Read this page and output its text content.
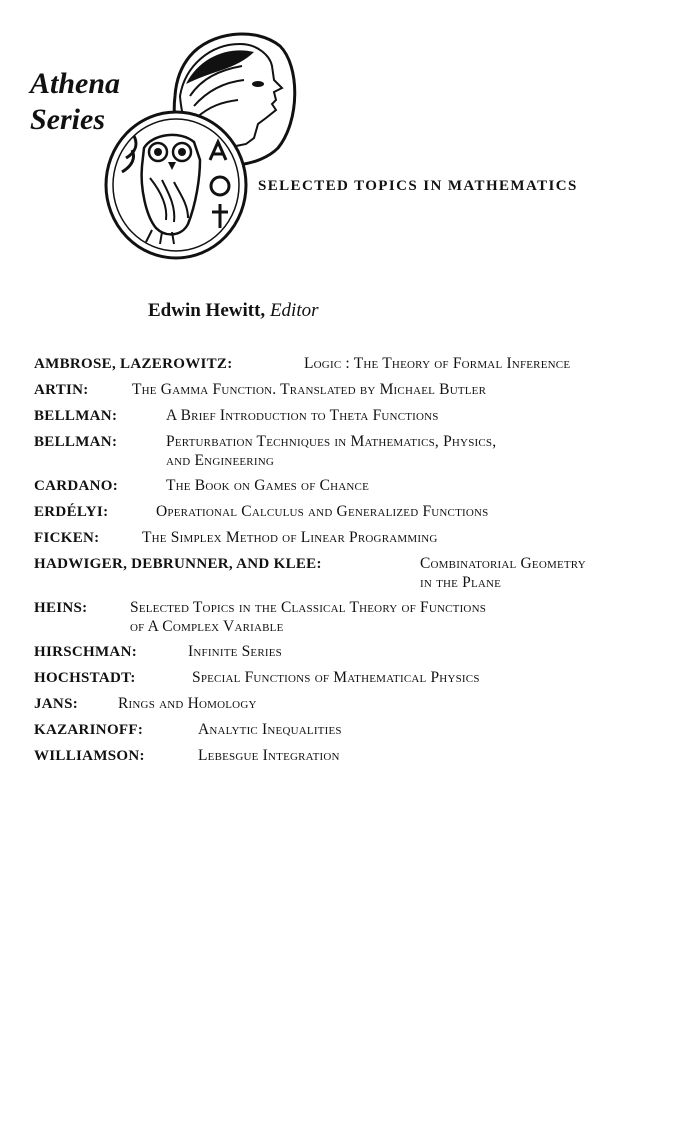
Athena
Series
SELECTED TOPICS IN MATHEMATICS
Edwin Hewitt, Editor
AMBROSE, LAZEROWITZ:	Logic : The Theory of Formal Inference
ARTIN:	The Gamma Function. Translated by Michael Butler
BELLMAN:	A Brief Introduction to Theta Functions
BELLMAN:	Perturbation Techniques in Mathematics, Physics,
and Engineering
CARDANO:	The Book on Games of Chance
ERDÉLYI:	Operational Calculus and Generalized Functions
FICKEN:	The Simplex Method of Linear Programming
HADWIGER, DEBRUNNER, AND KLEE:	Combinatorial Geometry
in the Plane
HEINS:	Selected Topics in the Classical Theory of Functions
of A Complex Variable
HIRSCHMAN:	Infinite Series
HOCHSTADT:	Special Functions of Mathematical Physics
JANS:	Rings and Homology
KAZARINOFF:	Analytic Inequalities
WILLIAMSON:	Lebesgue Integration
